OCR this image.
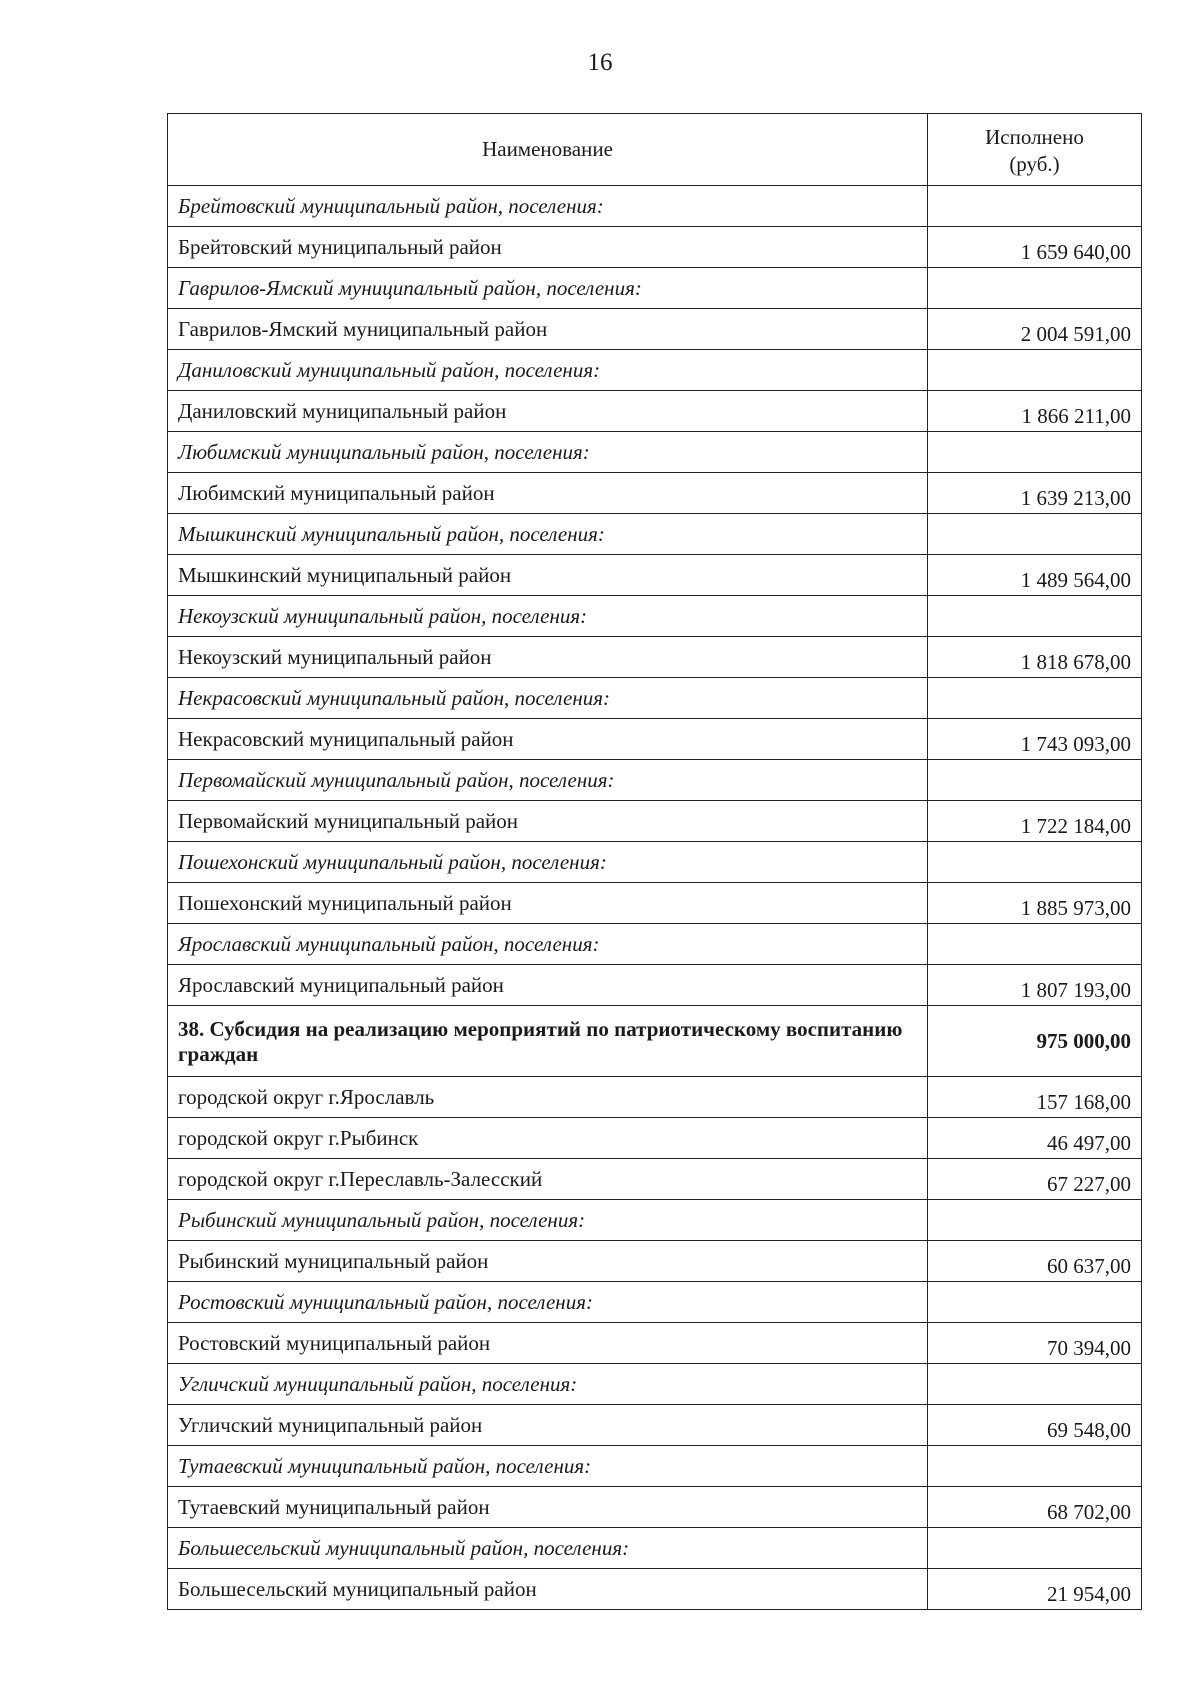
16
Наименование	Исполнено
(руб.)
Брейтовский муниципальный район, поселения:	
Брейтовский муниципальный район	1 659 640,00
Гаврилов-Ямский муниципальный район, поселения:	
Гаврилов-Ямский муниципальный район	2 004 591,00
Даниловский муниципальный район, поселения:	
Даниловский муниципальный район	1 866 211,00
Любимский муниципальный район, поселения:	
Любимский муниципальный район	1 639 213,00
Мышкинский муниципальный район, поселения:	
Мышкинский муниципальный район	1 489 564,00
Некоузский муниципальный район, поселения:	
Некоузский муниципальный район	1 818 678,00
Некрасовский муниципальный район, поселения:	
Некрасовский муниципальный район	1 743 093,00
Первомайский муниципальный район, поселения:	
Первомайский муниципальный район	1 722 184,00
Пошехонский муниципальный район, поселения:	
Пошехонский муниципальный район	1 885 973,00
Ярославский муниципальный район, поселения:	
Ярославский муниципальный район	1 807 193,00
38. Субсидия на реализацию мероприятий по патриотическому воспитанию граждан	975 000,00
городской округ г.Ярославль	157 168,00
городской округ г.Рыбинск	46 497,00
городской округ г.Переславль-Залесский	67 227,00
Рыбинский муниципальный район, поселения:	
Рыбинский муниципальный район	60 637,00
Ростовский муниципальный район, поселения:	
Ростовский муниципальный район	70 394,00
Угличский муниципальный район, поселения:	
Угличский муниципальный район	69 548,00
Тутаевский муниципальный район, поселения:	
Тутаевский муниципальный район	68 702,00
Большесельский муниципальный район, поселения:	
Большесельский муниципальный район	21 954,00
